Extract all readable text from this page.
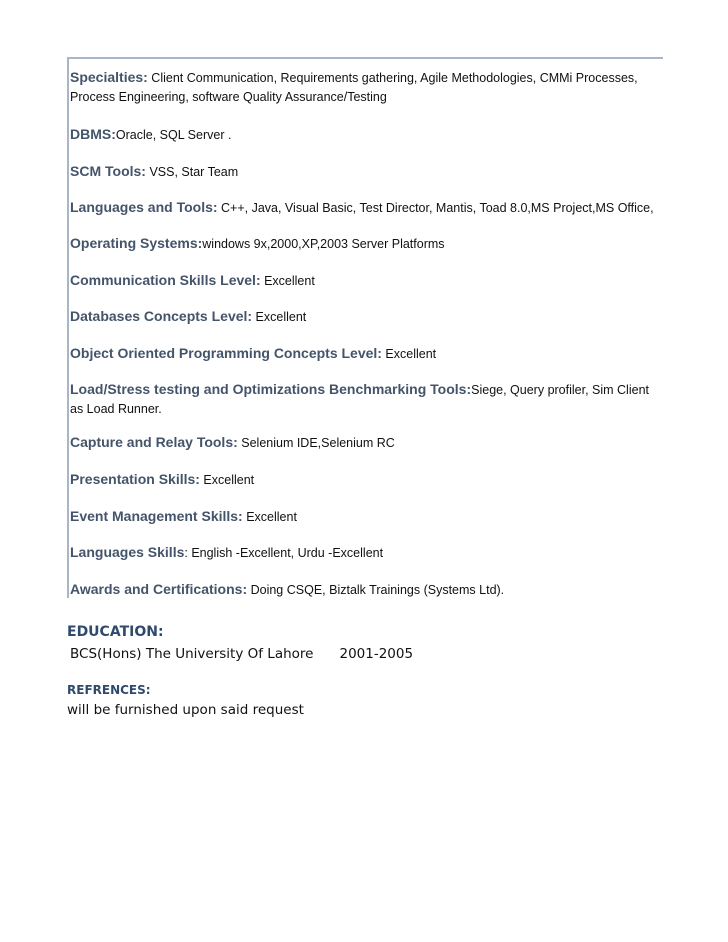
Specialties: Client Communication, Requirements gathering, Agile Methodologies, CMMi Processes, Process Engineering, software Quality Assurance/Testing
DBMS:Oracle, SQL Server .
SCM Tools: VSS, Star Team
Languages and Tools: C++, Java, Visual Basic, Test Director, Mantis, Toad 8.0,MS Project,MS Office,
Operating Systems:windows 9x,2000,XP,2003 Server Platforms
Communication Skills Level: Excellent
Databases Concepts Level: Excellent
Object Oriented Programming Concepts Level: Excellent
Load/Stress testing and Optimizations Benchmarking Tools:Siege, Query profiler, Sim Client as Load Runner.
Capture and Relay Tools: Selenium IDE,Selenium RC
Presentation Skills: Excellent
Event Management Skills: Excellent
Languages Skills: English -Excellent, Urdu -Excellent
Awards and Certifications: Doing CSQE, Biztalk Trainings (Systems Ltd).
EDUCATION:
BCS(Hons) The University Of Lahore 2001-2005
REFRENCES:
will be furnished upon said request
